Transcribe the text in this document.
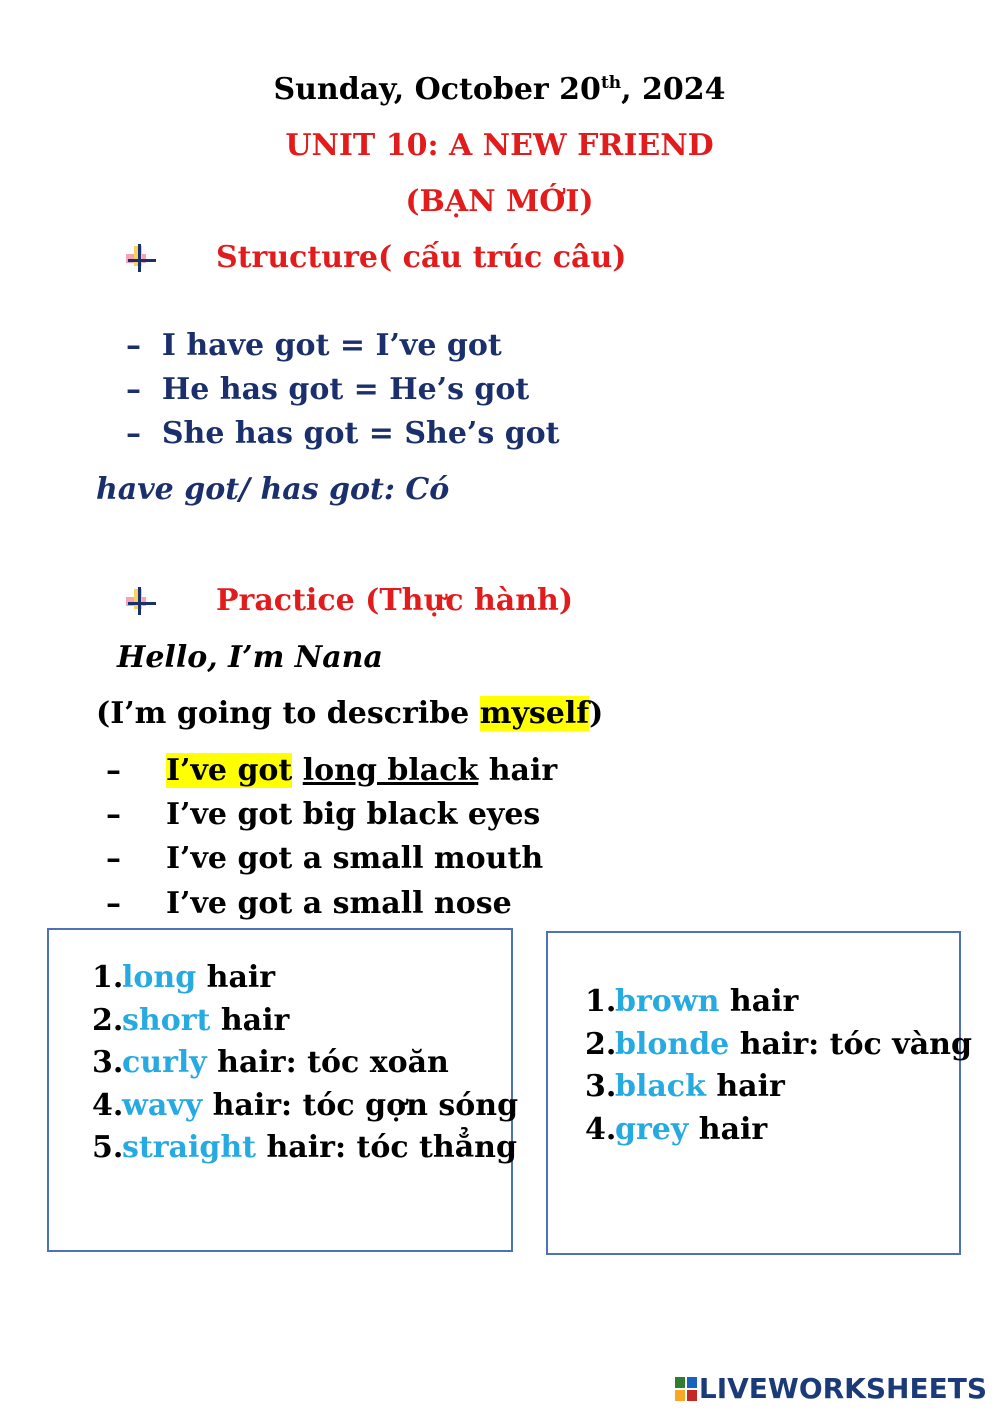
Sunday, October 20th, 2024
UNIT 10: A NEW FRIEND
(BẠN MỚI)
Structure( cấu trúc câu)
– I have got = I’ve got
– He has got = He’s got
– She has got = She’s got
have got/ has got: Có
Practice (Thực hành)
Hello, I’m Nana
(I’m going to describe myself)
– I’ve got long black hair
– I’ve got big black eyes
– I’ve got a small mouth
– I’ve got a small nose
1.long hair
2.short hair
3.curly hair: tóc xoăn
4.wavy hair: tóc gợn sóng
5.straight hair: tóc thẳng
1.brown hair
2.blonde hair: tóc vàng
3.black hair
4.grey hair
LIVEWORKSHEETS
